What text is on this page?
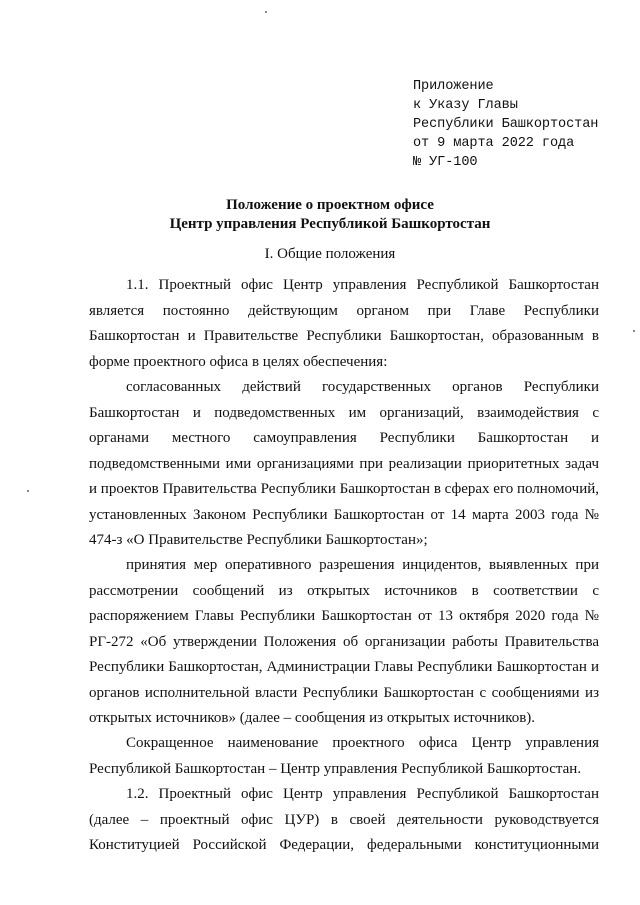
Приложение
к Указу Главы
Республики Башкортостан
от 9 марта 2022 года
№ УГ-100
Положение о проектном офисе
Центр управления Республикой Башкортостан
I. Общие положения
1.1. Проектный офис Центр управления Республикой Башкортостан является постоянно действующим органом при Главе Республики Башкортостан и Правительстве Республики Башкортостан, образованным в форме проектного офиса в целях обеспечения:
согласованных действий государственных органов Республики Башкортостан и подведомственных им организаций, взаимодействия с органами местного самоуправления Республики Башкортостан и подведомственными ими организациями при реализации приоритетных задач и проектов Правительства Республики Башкортостан в сферах его полномочий, установленных Законом Республики Башкортостан от 14 марта 2003 года № 474-з «О Правительстве Республики Башкортостан»;
принятия мер оперативного разрешения инцидентов, выявленных при рассмотрении сообщений из открытых источников в соответствии с распоряжением Главы Республики Башкортостан от 13 октября 2020 года № РГ-272 «Об утверждении Положения об организации работы Правительства Республики Башкортостан, Администрации Главы Республики Башкортостан и органов исполнительной власти Республики Башкортостан с сообщениями из открытых источников» (далее – сообщения из открытых источников).
Сокращенное наименование проектного офиса Центр управления Республикой Башкортостан – Центр управления Республикой Башкортостан.
1.2. Проектный офис Центр управления Республикой Башкортостан (далее – проектный офис ЦУР) в своей деятельности руководствуется Конституцией Российской Федерации, федеральными конституционными
